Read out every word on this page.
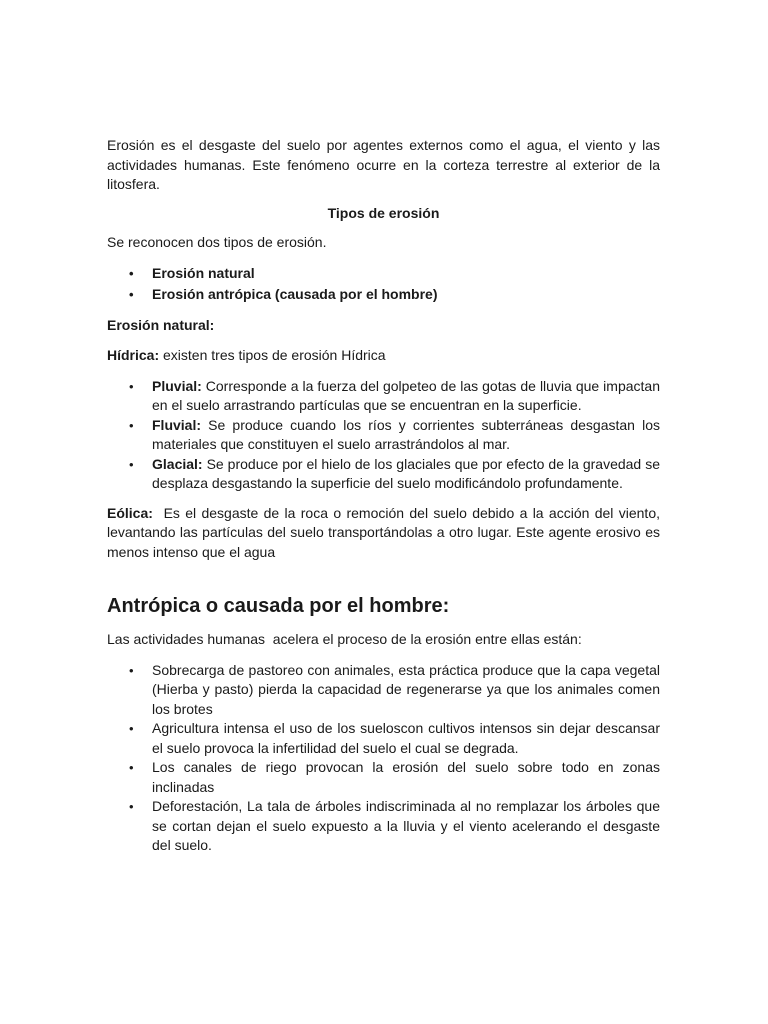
Erosión es el desgaste del suelo por agentes externos como el agua, el viento y las actividades humanas. Este fenómeno ocurre en la corteza terrestre al exterior de la litosfera.

Tipos de erosión

Se reconocen dos tipos de erosión.

• Erosión natural
• Erosión antrópica (causada por el hombre)

Erosión natural:

Hídrica: existen tres tipos de erosión Hídrica

• Pluvial: Corresponde a la fuerza del golpeteo de las gotas de lluvia que impactan en el suelo arrastrando partículas que se encuentran en la superficie.
• Fluvial: Se produce cuando los ríos y corrientes subterráneas desgastan los materiales que constituyen el suelo arrastrándolos al mar.
• Glacial: Se produce por el hielo de los glaciales que por efecto de la gravedad se desplaza desgastando la superficie del suelo modificándolo profundamente.

Eólica:  Es el desgaste de la roca o remoción del suelo debido a la acción del viento, levantando las partículas del suelo transportándolas a otro lugar. Este agente erosivo es menos intenso que el agua

Antrópica o causada por el hombre:

Las actividades humanas  acelera el proceso de la erosión entre ellas están:

• Sobrecarga de pastoreo con animales, esta práctica produce que la capa vegetal (Hierba y pasto) pierda la capacidad de regenerarse ya que los animales comen los brotes
• Agricultura intensa el uso de los sueloscon cultivos intensos sin dejar descansar el suelo provoca la infertilidad del suelo el cual se degrada.
• Los canales de riego provocan la erosión del suelo sobre todo en zonas inclinadas
• Deforestación, La tala de árboles indiscriminada al no remplazar los árboles que se cortan dejan el suelo expuesto a la lluvia y el viento acelerando el desgaste del suelo.
